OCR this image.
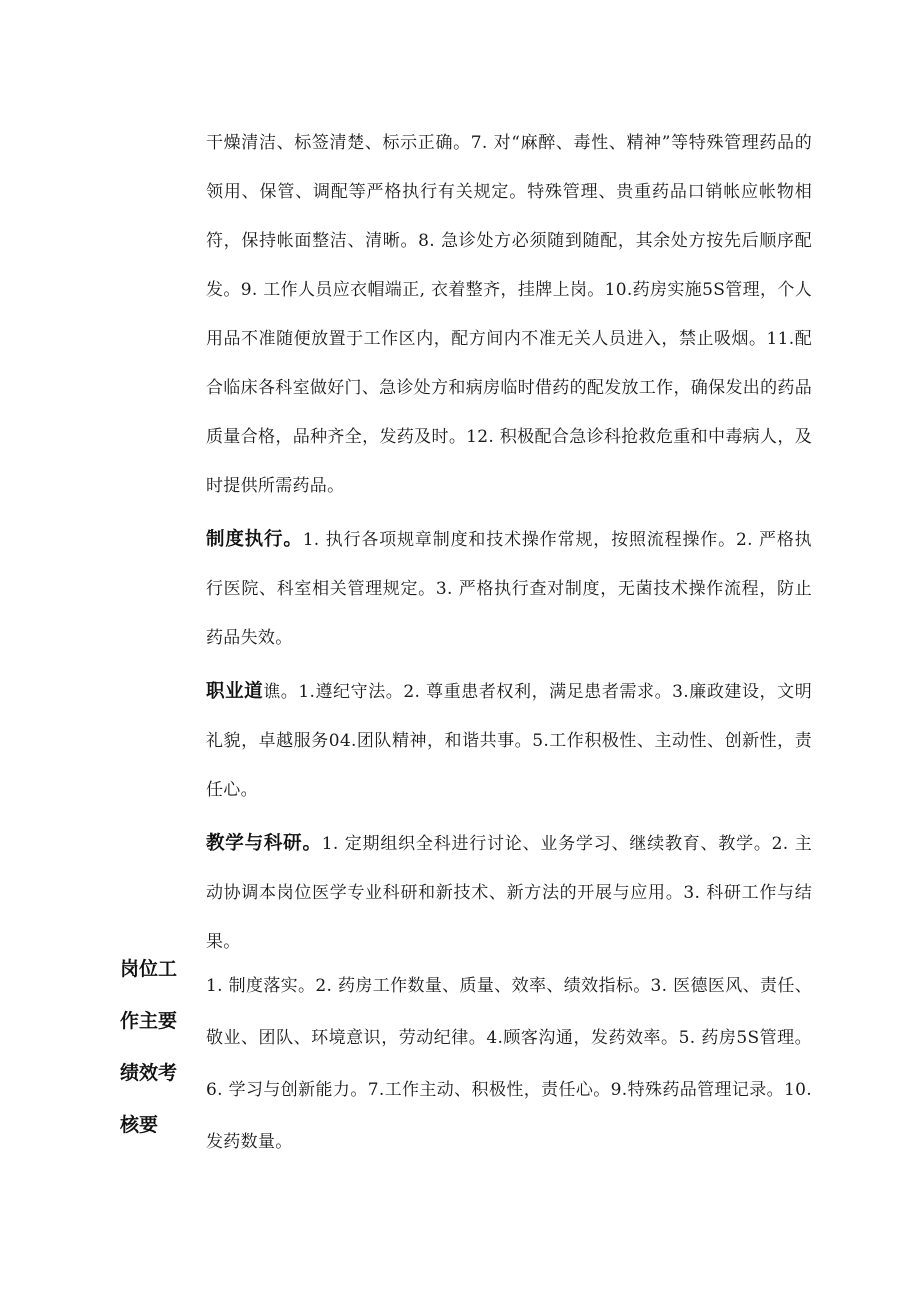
干燥清洁、标签清楚、标示正确。7. 对“麻醉、毒性、精神”等特殊管理药品的领用、保管、调配等严格执行有关规定。特殊管理、贵重药品口销帐应帐物相符，保持帐面整洁、清晰。8. 急诊处方必须随到随配，其余处方按先后顺序配发。9. 工作人员应衣帽端正, 衣着整齐，挂牌上岗。10.药房实施5S管理，个人用品不准随便放置于工作区内，配方间内不准无关人员进入，禁止吸烟。11.配合临床各科室做好门、急诊处方和病房临时借药的配发放工作，确保发出的药品质量合格，品种齐全，发药及时。12. 积极配合急诊科抢救危重和中毒病人，及时提供所需药品。

制度执行。1. 执行各项规章制度和技术操作常规，按照流程操作。2. 严格执行医院、科室相关管理规定。3. 严格执行查对制度，无菌技术操作流程，防止药品失效。

职业道谯。1.遵纪守法。2. 尊重患者权利，满足患者需求。3.廉政建设，文明礼貌，卓越服务04.团队精神，和谐共事。5.工作积极性、主动性、创新性，责任心。

教学与科研。1. 定期组织全科进行讨论、业务学习、继续教育、教学。2. 主动协调本岗位医学专业科研和新技术、新方法的开展与应用。3. 科研工作与结果。

岗位工
作主要
绩效考
核要

1. 制度落实。2. 药房工作数量、质量、效率、绩效指标。3. 医德医风、责任、敬业、团队、环境意识，劳动纪律。4.顾客沟通，发药效率。5. 药房5S管理。6. 学习与创新能力。7.工作主动、积极性，责任心。9.特殊药品管理记录。10.发药数量。
